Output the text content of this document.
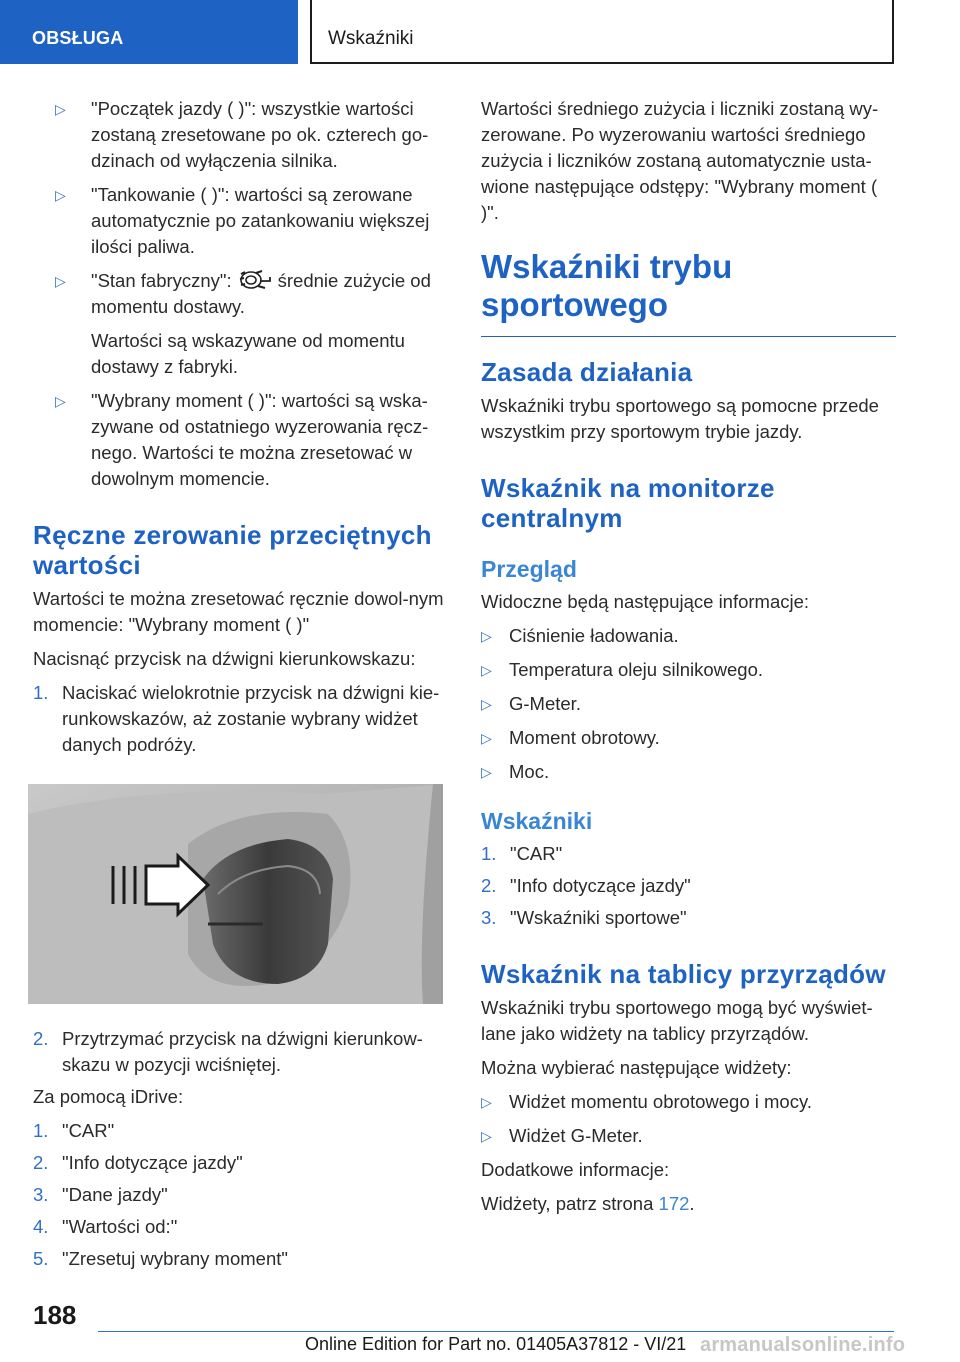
OBSŁUGA	Wskaźniki
▷ "Początek jazdy ( )": wszystkie wartości zostaną zresetowane po ok. czterech go-dzinach od wyłączenia silnika.
▷ "Tankowanie ( )": wartości są zerowane automatycznie po zatankowaniu większej ilości paliwa.
▷ "Stan fabryczny": średnie zużycie od momentu dostawy.

Wartości są wskazywane od momentu dostawy z fabryki.

▷ "Wybrany moment ( )": wartości są wska-zywane od ostatniego wyzerowania ręcz-nego. Wartości te można zresetować w dowolnym momencie.
Ręczne zerowanie przeciętnych wartości

Wartości te można zresetować ręcznie dowol-nym momencie: "Wybrany moment ( )"

Nacisnąć przycisk na dźwigni kierunkowskazu:

1. Naciskać wielokrotnie przycisk na dźwigni kie-runkowskazów, aż zostanie wybrany widżet danych podróży.
2. Przytrzymać przycisk na dźwigni kierunkow-skazu w pozycji wciśniętej.

Za pomocą iDrive:

1. "CAR"
2. "Info dotyczące jazdy"
3. "Dane jazdy"
4. "Wartości od:"
5. "Zresetuj wybrany moment"

Wartości średniego zużycia i liczniki zostaną wy-zerowane. Po wyzerowaniu wartości średniego zużycia i liczników zostaną automatycznie usta-wione następujące odstępy: "Wybrany moment ( )".

Wskaźniki trybu sportowego
Zasada działania

Wskaźniki trybu sportowego są pomocne przede wszystkim przy sportowym trybie jazdy.

Wskaźnik na monitorze centralnym
Przegląd

Widoczne będą następujące informacje:

▷ Ciśnienie ładowania.
▷ Temperatura oleju silnikowego.
▷ G-Meter.
▷ Moment obrotowy.
▷ Moc.
Wskaźniki
1. "CAR"
2. "Info dotyczące jazdy"
3. "Wskaźniki sportowe"
Wskaźnik na tablicy przyrządów

Wskaźniki trybu sportowego mogą być wyświet-lane jako widżety na tablicy przyrządów.

Można wybierać następujące widżety:

▷ Widżet momentu obrotowego i mocy.
▷ Widżet G-Meter.

Dodatkowe informacje:

Widżety, patrz strona 172.

188
Online Edition for Part no. 01405A37812 - VI/21 armanualsonline.info
